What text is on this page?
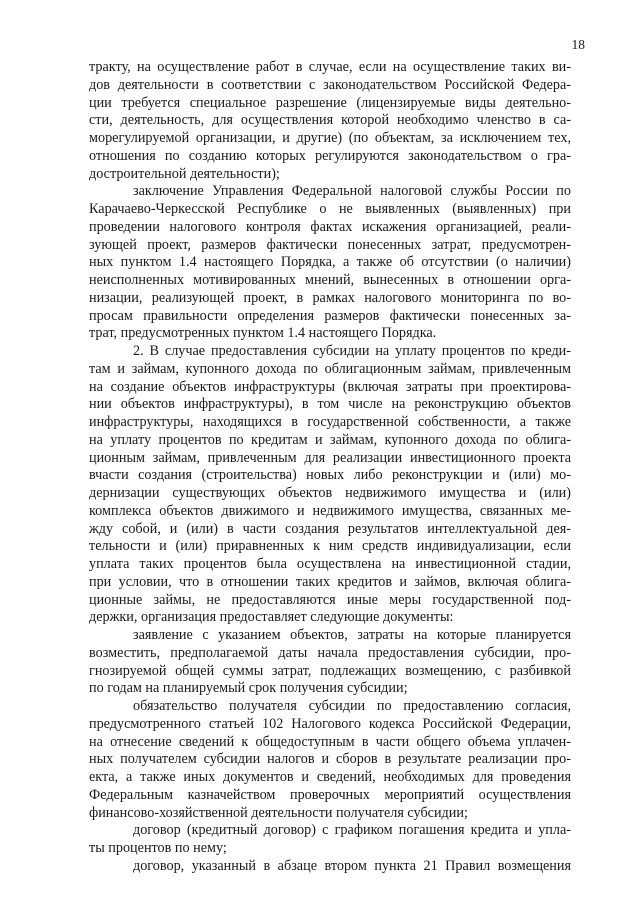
18
тракту, на осуществление работ в случае, если на осуществление таких ви-
дов деятельности в соответствии с законодательством Российской Федера-
ции требуется специальное разрешение (лицензируемые виды деятельно-
сти, деятельность, для осуществления которой необходимо членство в са-
морегулируемой организации, и другие) (по объектам, за исключением тех,
отношения по созданию которых регулируются законодательством о гра-
достроительной деятельности);
заключение Управления Федеральной налоговой службы России по
Карачаево-Черкесской Республике о не выявленных (выявленных) при
проведении налогового контроля фактах искажения организацией, реали-
зующей проект, размеров фактически понесенных затрат, предусмотрен-
ных пунктом 1.4 настоящего Порядка, а также об отсутствии (о наличии)
неисполненных мотивированных мнений, вынесенных в отношении орга-
низации, реализующей проект, в рамках налогового мониторинга по во-
просам правильности определения размеров фактически понесенных за-
трат, предусмотренных пунктом 1.4 настоящего Порядка.
2. В случае предоставления субсидии на уплату процентов по креди-
там и займам, купонного дохода по облигационным займам, привлеченным
на создание объектов инфраструктуры (включая затраты при проектирова-
нии объектов инфраструктуры), в том числе на реконструкцию объектов
инфраструктуры, находящихся в государственной собственности, а также
на уплату процентов по кредитам и займам, купонного дохода по облига-
ционным займам, привлеченным для реализации инвестиционного проекта
вчасти создания (строительства) новых либо реконструкции и (или) мо-
дернизации существующих объектов недвижимого имущества и (или)
комплекса объектов движимого и недвижимого имущества, связанных ме-
жду собой, и (или) в части создания результатов интеллектуальной дея-
тельности и (или) приравненных к ним средств индивидуализации, если
уплата таких процентов была осуществлена на инвестиционной стадии,
при условии, что в отношении таких кредитов и займов, включая облига-
ционные займы, не предоставляются иные меры государственной под-
держки, организация предоставляет следующие документы:
заявление с указанием объектов, затраты на которые планируется
возместить, предполагаемой даты начала предоставления субсидии, про-
гнозируемой общей суммы затрат, подлежащих возмещению, с разбивкой
по годам на планируемый срок получения субсидии;
обязательство получателя субсидии по предоставлению согласия,
предусмотренного статьей 102 Налогового кодекса Российской Федерации,
на отнесение сведений к общедоступным в части общего объема уплачен-
ных получателем субсидии налогов и сборов в результате реализации про-
екта, а также иных документов и сведений, необходимых для проведения
Федеральным казначейством проверочных мероприятий осуществления
финансово-хозяйственной деятельности получателя субсидии;
договор (кредитный договор) с графиком погашения кредита и упла-
ты процентов по нему;
договор, указанный в абзаце втором пункта 21 Правил возмещения
